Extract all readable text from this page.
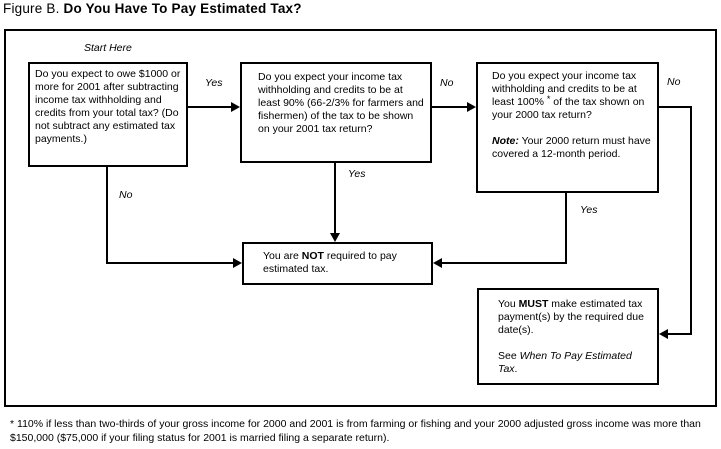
Figure B. Do You Have To Pay Estimated Tax?
Start Here

Do you expect to owe $1000 or more for 2001 after subtracting income tax withholding and credits from your total tax? (Do not subtract any estimated tax payments.)

Do you expect your income tax withholding and credits to be at least 90% (66-2/3% for farmers and fishermen) of the tax to be shown on your 2001 tax return?

Do you expect your income tax withholding and credits to be at least 100% * of the tax shown on your 2000 tax return?

Note: Your 2000 return must have covered a 12-month period.

You are NOT required to pay estimated tax.

You MUST make estimated tax payment(s) by the required due date(s).

See When To Pay Estimated Tax.

Yes	No	No
No
Yes
Yes
* 110% if less than two-thirds of your gross income for 2000 and 2001 is from farming or fishing and your 2000 adjusted gross income was more than $150,000 ($75,000 if your filing status for 2001 is married filing a separate return).
